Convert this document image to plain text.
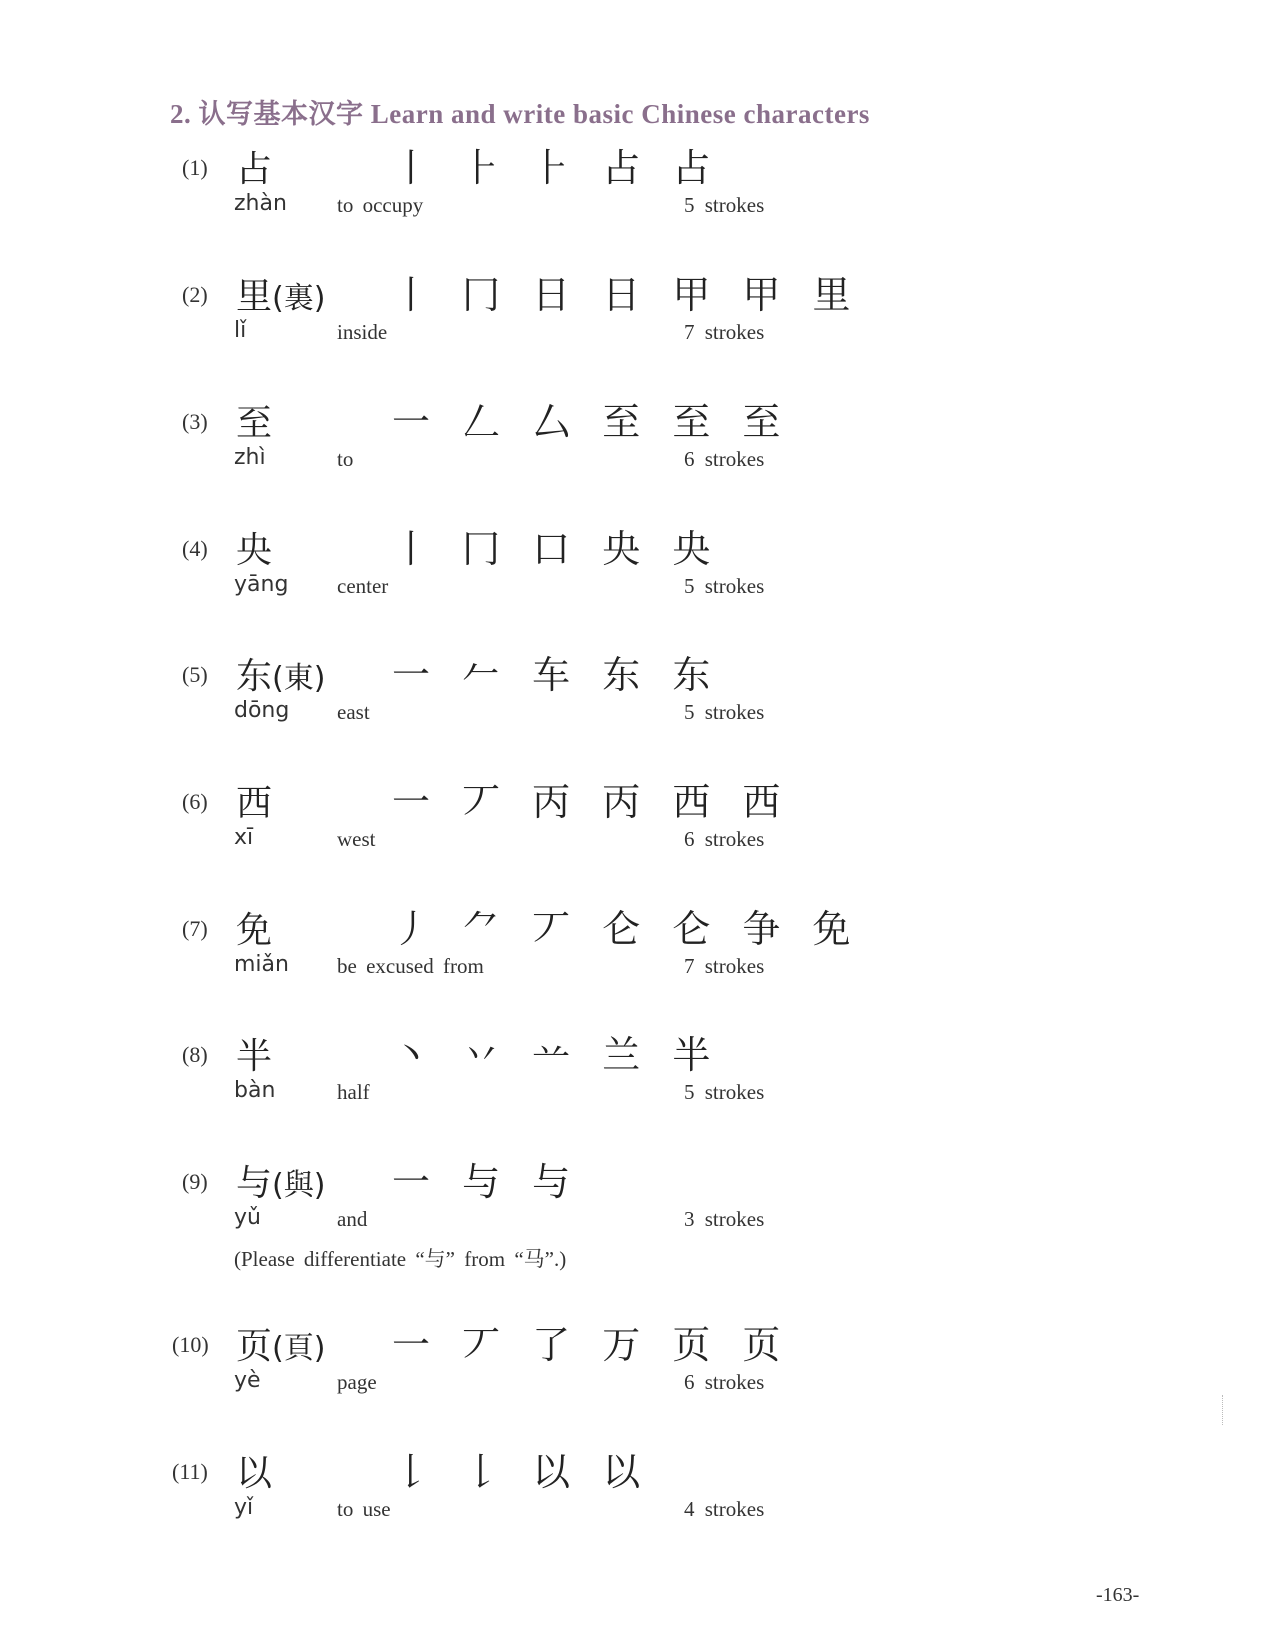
2. 认写基本汉字 Learn and write basic Chinese characters
(1) 占	丨 ⺊ ⺊ 占 占
zhàn to occupy	5 strokes
(2) 里(裏) 丨 冂 日 日 甲 甲 里
lǐ	inside	7 strokes
(3) 至	一 𠃋 厶 至 至 至
zhì	to	6 strokes
(4) 央	丨 冂 口 央 央
yāng center	5 strokes
(5) 东(東) 一 𠂉 车 东 东
dōng east	5 strokes
(6) 西	一 丆 丙 丙 西 西
xī	west	6 strokes
(7) 免	丿 ⺈ 丆 仑 仑 争 免
miǎn be excused from	7 strokes
(8) 半	丶 丷 䒑 兰 半
bàn	half	5 strokes
(9) 与(與) 一 与 与
yǔ	and	3 strokes
(Please differentiate “与” from “马”.)
(10) 页(頁) 一 丆 了 万 页 页
yè	page	6 strokes
(11) 以	𠄌 𠄌 以 以
yǐ	to use	4 strokes
-163-
